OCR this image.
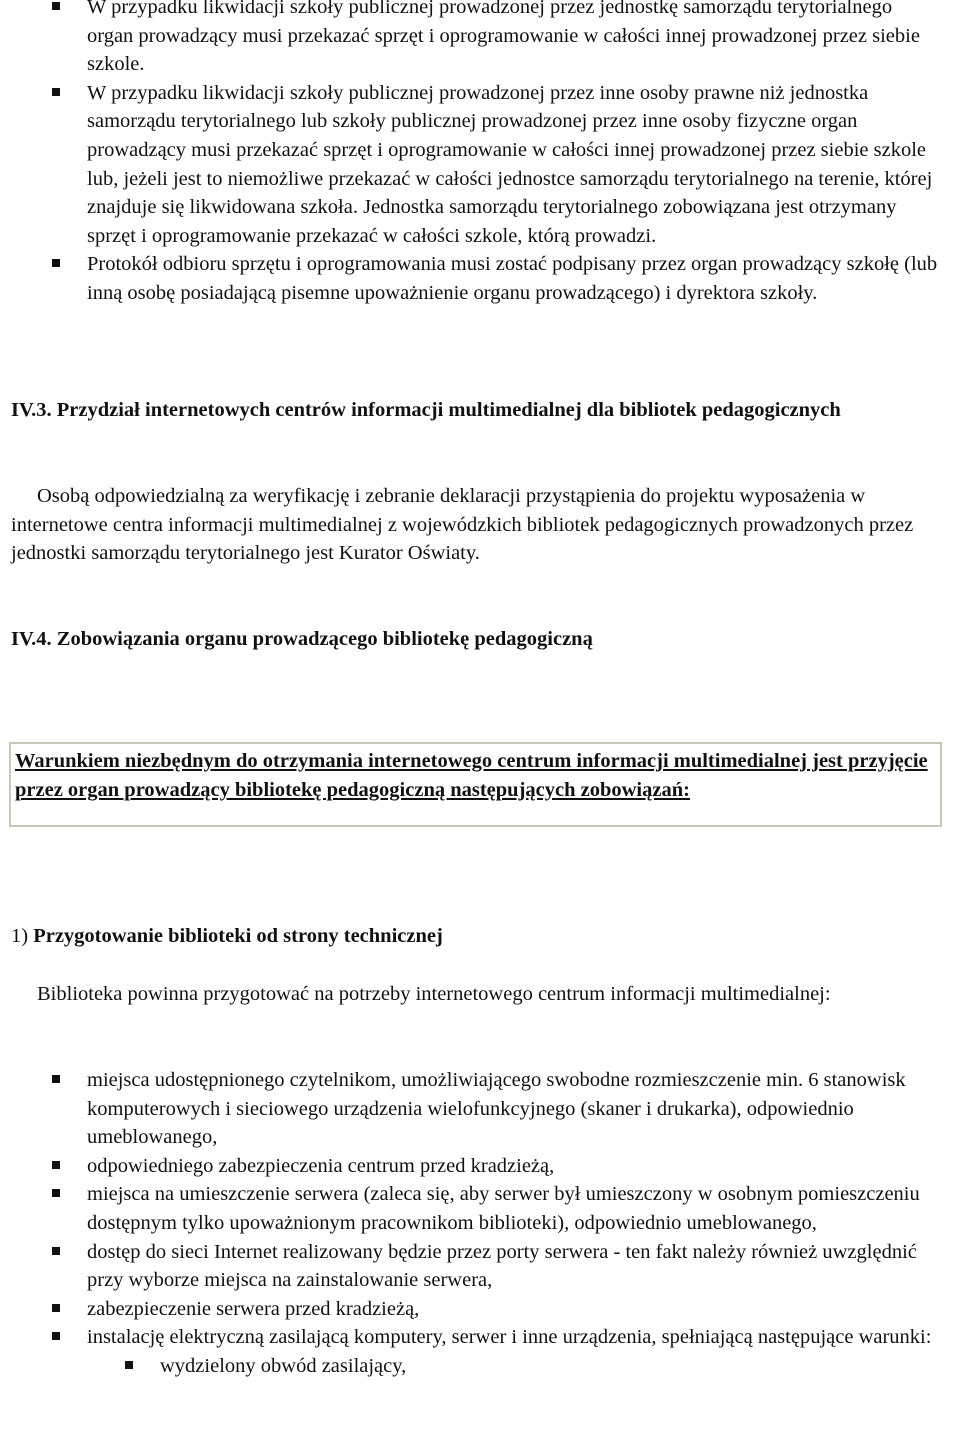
W przypadku likwidacji szkoły publicznej prowadzonej przez jednostkę samorządu terytorialnego organ prowadzący musi przekazać sprzęt i oprogramowanie w całości innej prowadzonej przez siebie szkole.
W przypadku likwidacji szkoły publicznej prowadzonej przez inne osoby prawne niż jednostka samorządu terytorialnego lub szkoły publicznej prowadzonej przez inne osoby fizyczne organ prowadzący musi przekazać sprzęt i oprogramowanie w całości innej prowadzonej przez siebie szkole lub, jeżeli jest to niemożliwe przekazać w całości jednostce samorządu terytorialnego na terenie, której znajduje się likwidowana szkoła. Jednostka samorządu terytorialnego zobowiązana jest otrzymany sprzęt i oprogramowanie przekazać w całości szkole, którą prowadzi.
Protokół odbioru sprzętu i oprogramowania musi zostać podpisany przez organ prowadzący szkołę (lub inną osobę posiadającą pisemne upoważnienie organu prowadzącego) i dyrektora szkoły.
IV.3. Przydział internetowych centrów informacji multimedialnej dla bibliotek pedagogicznych
Osobą odpowiedzialną za weryfikację i zebranie deklaracji przystąpienia do projektu wyposażenia w internetowe centra informacji multimedialnej z wojewódzkich bibliotek pedagogicznych prowadzonych przez jednostki samorządu terytorialnego jest Kurator Oświaty.
IV.4. Zobowiązania organu prowadzącego bibliotekę pedagogiczną
Warunkiem niezbędnym do otrzymania internetowego centrum informacji multimedialnej jest przyjęcie przez organ prowadzący bibliotekę pedagogiczną następujących zobowiązań:
1) Przygotowanie biblioteki od strony technicznej
Biblioteka powinna przygotować na potrzeby internetowego centrum informacji multimedialnej:
miejsca udostępnionego czytelnikom, umożliwiającego swobodne rozmieszczenie min. 6 stanowisk komputerowych i sieciowego urządzenia wielofunkcyjnego (skaner i drukarka), odpowiednio umeblowanego,
odpowiedniego zabezpieczenia centrum przed kradzieżą,
miejsca na umieszczenie serwera (zaleca się, aby serwer był umieszczony w osobnym pomieszczeniu dostępnym tylko upoważnionym pracownikom biblioteki), odpowiednio umeblowanego,
dostęp do sieci Internet realizowany będzie przez porty serwera - ten fakt należy również uwzględnić przy wyborze miejsca na zainstalowanie serwera,
zabezpieczenie serwera przed kradzieżą,
instalację elektryczną zasilającą komputery, serwer i inne urządzenia, spełniającą następujące warunki:
wydzielony obwód zasilający,
